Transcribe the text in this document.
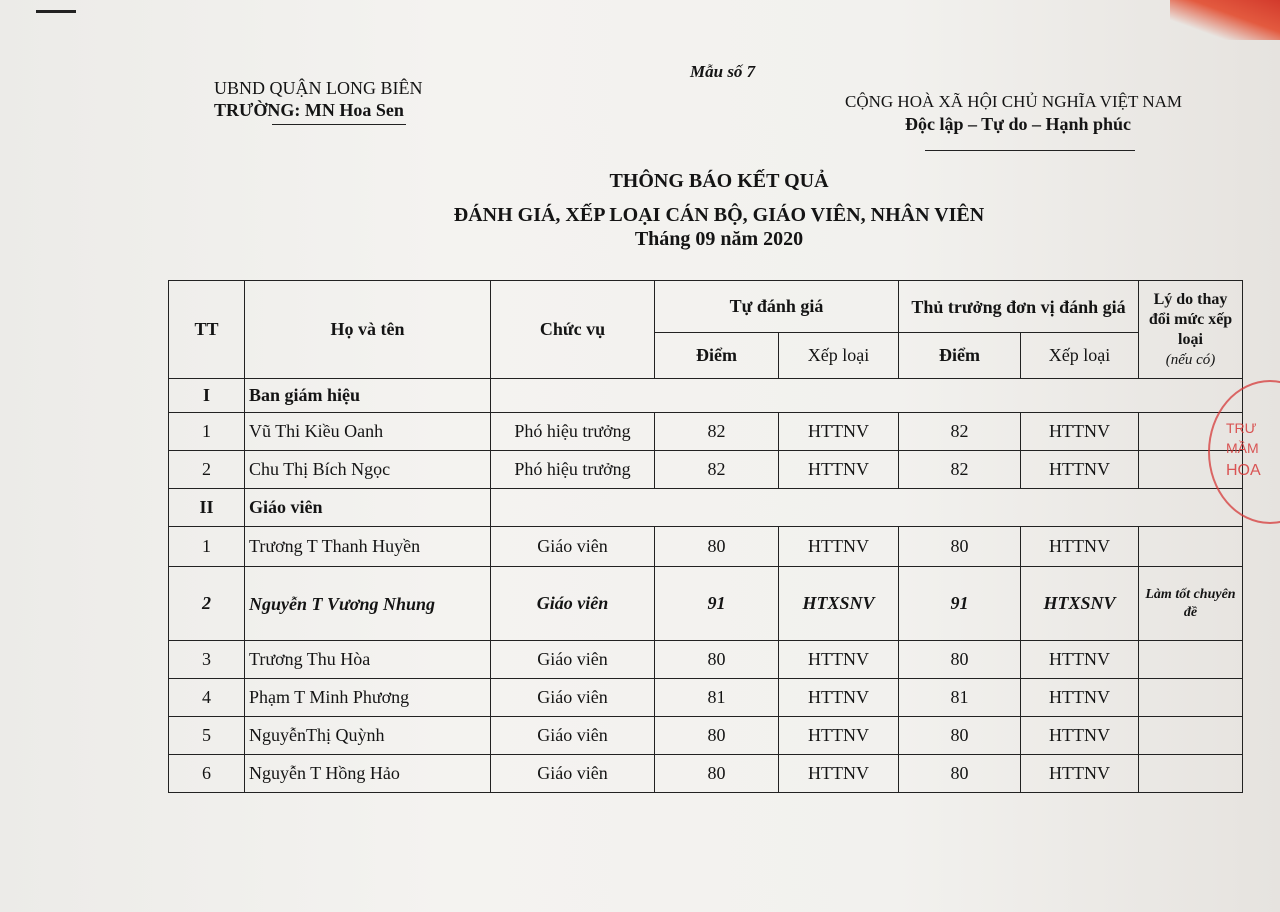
UBND QUẬN LONG BIÊN
TRƯỜNG: MN Hoa Sen
Mẫu số 7
CỘNG HOÀ XÃ HỘI CHỦ NGHĨA VIỆT NAM
Độc lập – Tự do – Hạnh phúc
THÔNG BÁO KẾT QUẢ
ĐÁNH GIÁ, XẾP LOẠI CÁN BỘ, GIÁO VIÊN, NHÂN VIÊN
Tháng 09 năm 2020
TT	Họ và tên	Chức vụ	Tự đánh giá		Thủ trưởng đơn vị đánh giá		Lý do thay đổi mức xếp loại
(nếu có)
			Điểm	Xếp loại	Điểm	Xếp loại	
I	Ban giám hiệu						
1	Vũ Thi Kiều Oanh	Phó hiệu trưởng	82	HTTNV	82	HTTNV	
2	Chu Thị Bích Ngọc	Phó hiệu trưởng	82	HTTNV	82	HTTNV	
II	Giáo viên						
1	Trương T Thanh Huyền	Giáo viên	80	HTTNV	80	HTTNV	
2	Nguyễn T Vương Nhung	Giáo viên	91	HTXSNV	91	HTXSNV	Làm tốt chuyên đề
3	Trương Thu Hòa	Giáo viên	80	HTTNV	80	HTTNV	
4	Phạm T Minh Phương	Giáo viên	81	HTTNV	81	HTTNV	
5	NguyễnThị Quỳnh	Giáo viên	80	HTTNV	80	HTTNV	
6	Nguyễn T Hồng Hảo	Giáo viên	80	HTTNV	80	HTTNV	
TRƯ
MẦM
HOA
